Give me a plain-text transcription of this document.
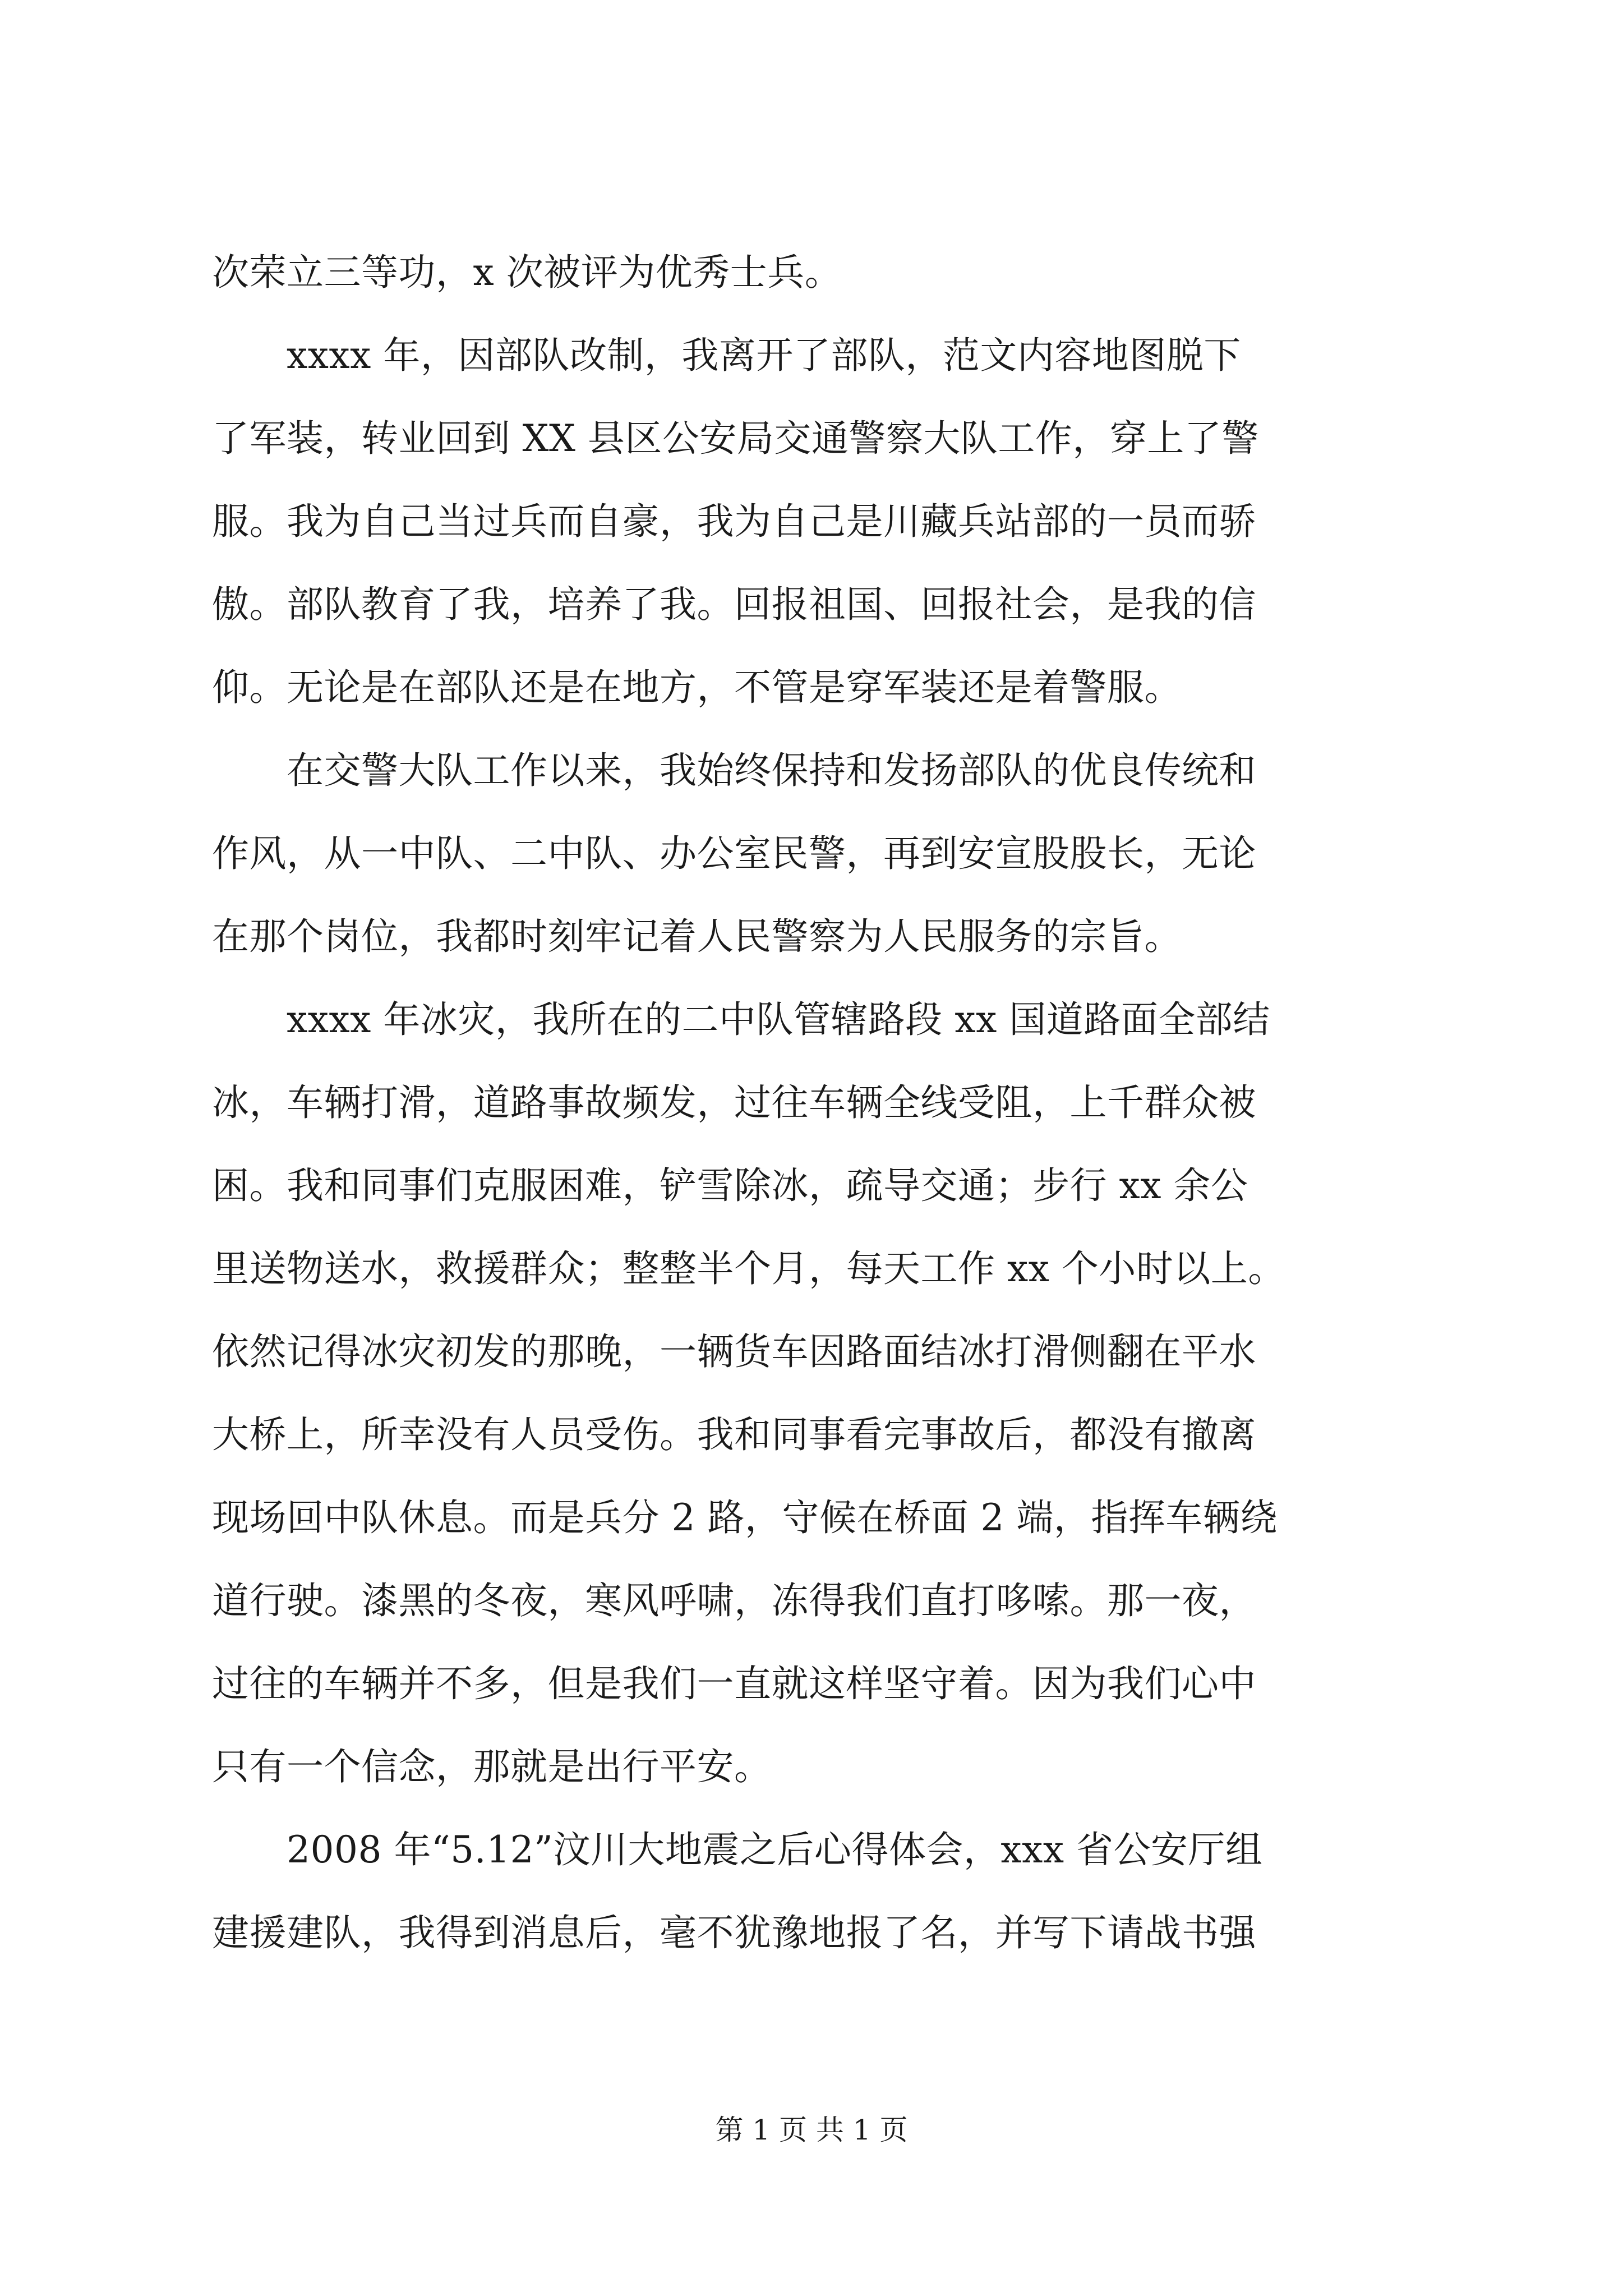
次荣立三等功，x 次被评为优秀士兵。
　　xxxx 年，因部队改制，我离开了部队，范文内容地图脱下
了军装，转业回到 XX 县区公安局交通警察大队工作，穿上了警
服。我为自己当过兵而自豪，我为自己是川藏兵站部的一员而骄
傲。部队教育了我，培养了我。回报祖国、回报社会，是我的信
仰。无论是在部队还是在地方，不管是穿军装还是着警服。
　　在交警大队工作以来，我始终保持和发扬部队的优良传统和
作风，从一中队、二中队、办公室民警，再到安宣股股长，无论
在那个岗位，我都时刻牢记着人民警察为人民服务的宗旨。
　　xxxx 年冰灾，我所在的二中队管辖路段 xx 国道路面全部结
冰，车辆打滑，道路事故频发，过往车辆全线受阻，上千群众被
困。我和同事们克服困难，铲雪除冰，疏导交通；步行 xx 余公
里送物送水，救援群众；整整半个月，每天工作 xx 个小时以上。
依然记得冰灾初发的那晚，一辆货车因路面结冰打滑侧翻在平水
大桥上，所幸没有人员受伤。我和同事看完事故后，都没有撤离
现场回中队休息。而是兵分 2 路，守候在桥面 2 端，指挥车辆绕
道行驶。漆黑的冬夜，寒风呼啸，冻得我们直打哆嗦。那一夜，
过往的车辆并不多，但是我们一直就这样坚守着。因为我们心中
只有一个信念，那就是出行平安。
　　2008 年“5.12”汶川大地震之后心得体会，xxx 省公安厅组
建援建队，我得到消息后，毫不犹豫地报了名，并写下请战书强
第 1 页 共 1 页
